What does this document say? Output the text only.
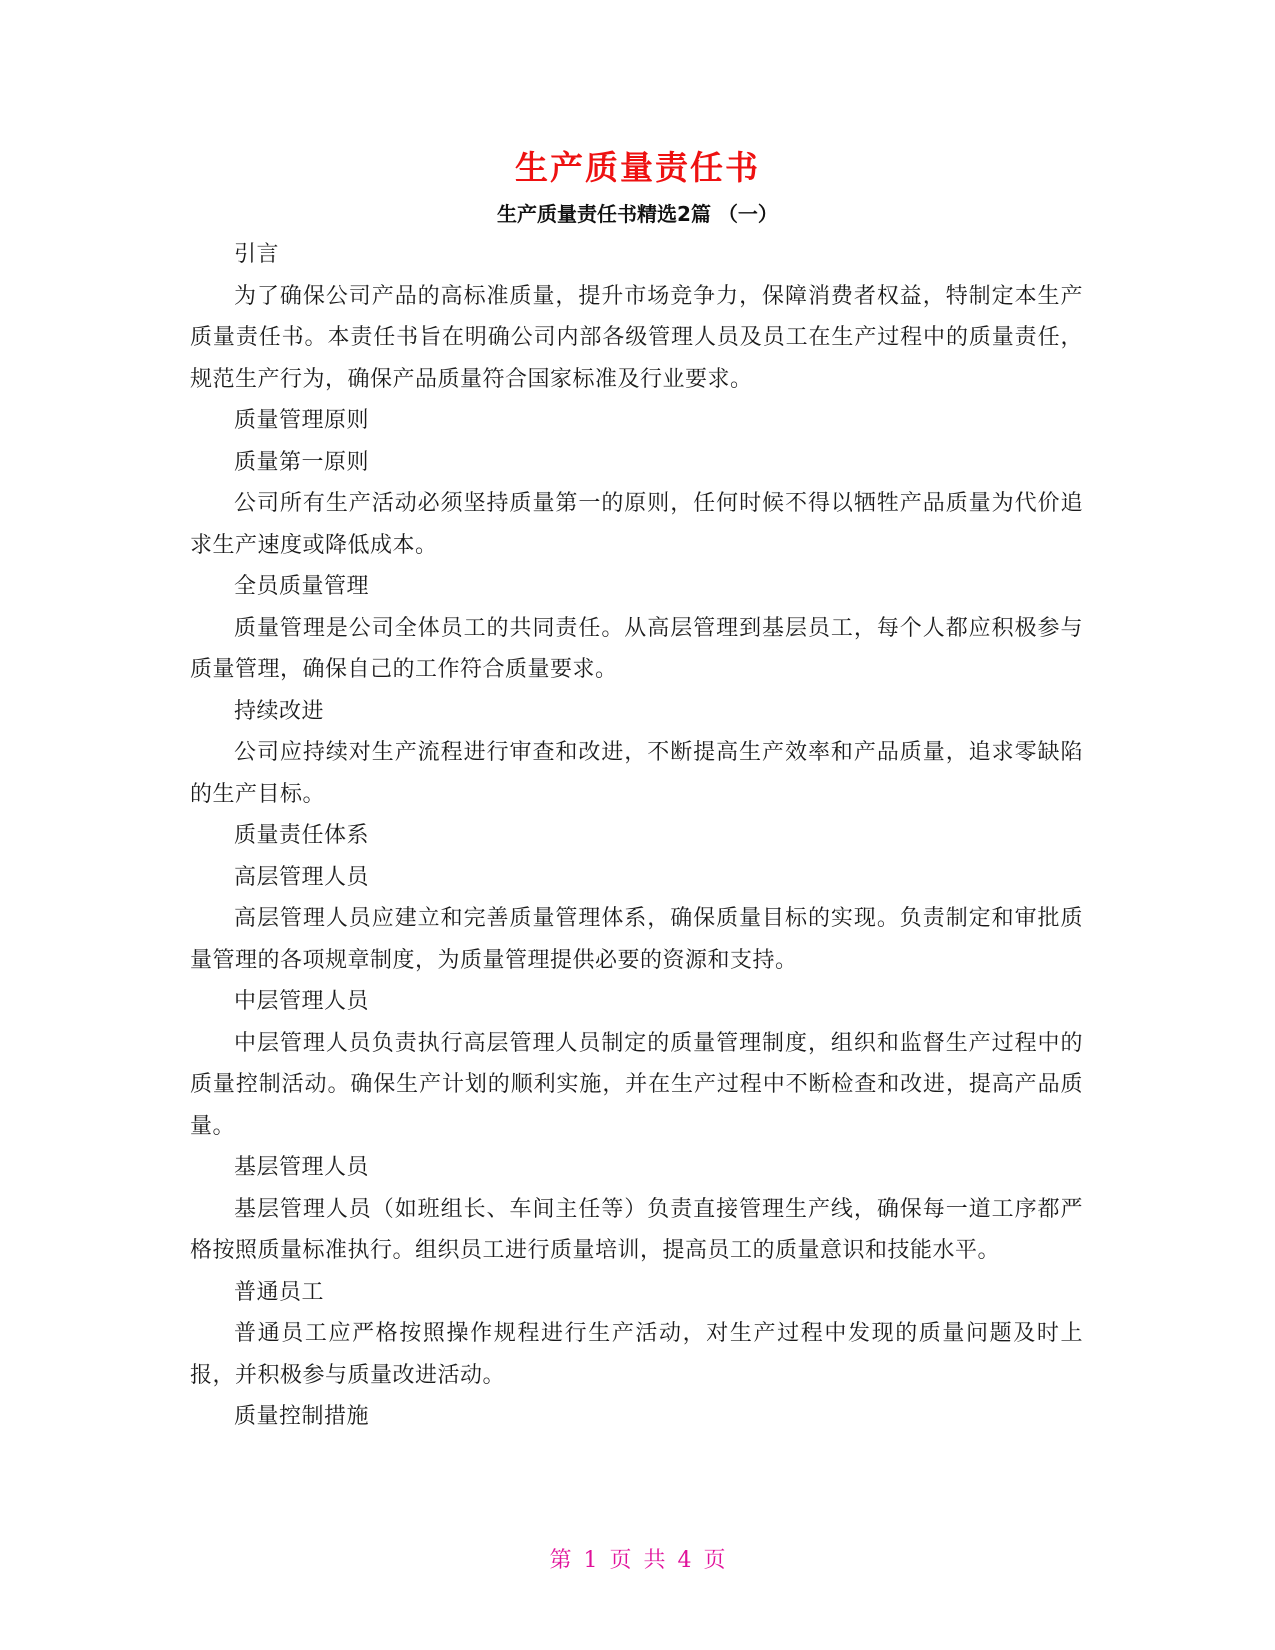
生产质量责任书
生产质量责任书精选2篇 （一）

引言

为了确保公司产品的高标准质量，提升市场竞争力，保障消费者权益，特制定本生产质量责任书。本责任书旨在明确公司内部各级管理人员及员工在生产过程中的质量责任，规范生产行为，确保产品质量符合国家标准及行业要求。

质量管理原则

质量第一原则

公司所有生产活动必须坚持质量第一的原则，任何时候不得以牺牲产品质量为代价追求生产速度或降低成本。

全员质量管理

质量管理是公司全体员工的共同责任。从高层管理到基层员工，每个人都应积极参与质量管理，确保自己的工作符合质量要求。

持续改进

公司应持续对生产流程进行审查和改进，不断提高生产效率和产品质量，追求零缺陷的生产目标。

质量责任体系

高层管理人员

高层管理人员应建立和完善质量管理体系，确保质量目标的实现。负责制定和审批质量管理的各项规章制度，为质量管理提供必要的资源和支持。

中层管理人员

中层管理人员负责执行高层管理人员制定的质量管理制度，组织和监督生产过程中的质量控制活动。确保生产计划的顺利实施，并在生产过程中不断检查和改进，提高产品质量。

基层管理人员

基层管理人员（如班组长、车间主任等）负责直接管理生产线，确保每一道工序都严格按照质量标准执行。组织员工进行质量培训，提高员工的质量意识和技能水平。

普通员工

普通员工应严格按照操作规程进行生产活动，对生产过程中发现的质量问题及时上报，并积极参与质量改进活动。

质量控制措施

第 1 页 共 4 页
